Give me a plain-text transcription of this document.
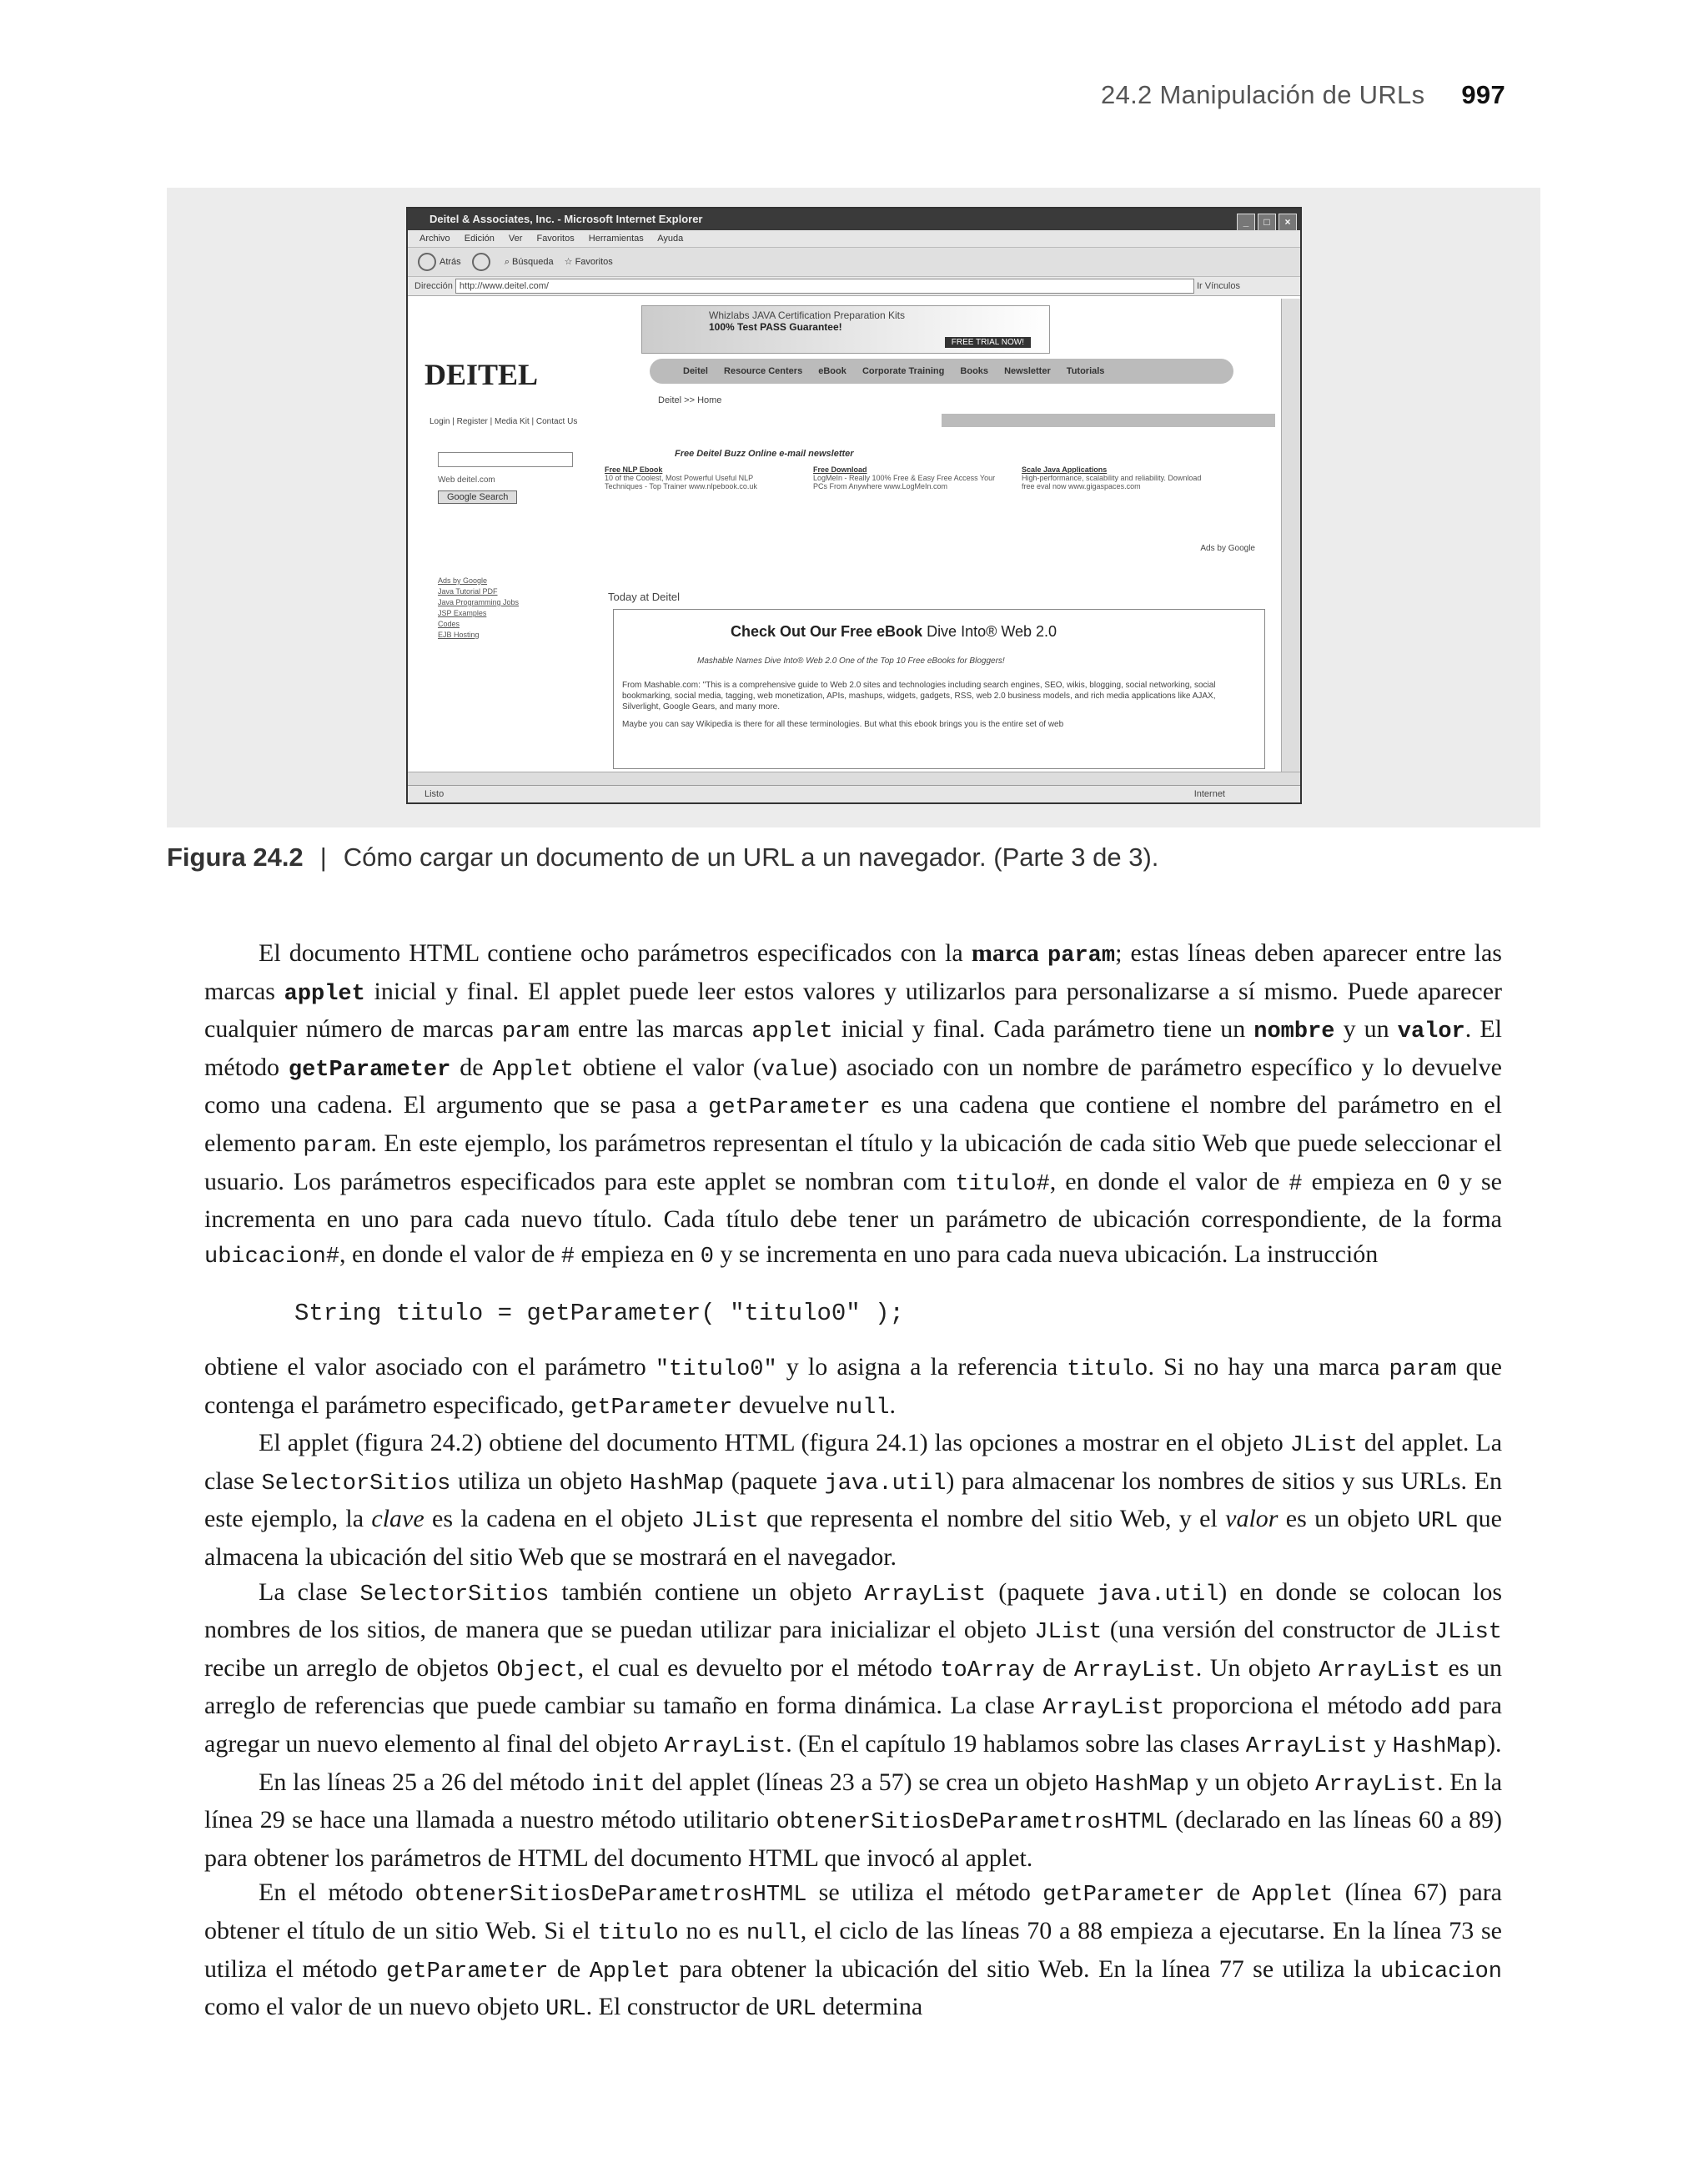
24.2 Manipulación de URLs 997
Deitel & Associates, Inc. - Microsoft Internet Explorer	_ □ ×
Archivo Edición Ver Favoritos Herramientas Ayuda
Atrás	⌕ Búsqueda ☆ Favoritos
Dirección http://www.deitel.com/	Ir Vínculos
Whizlabs JAVA Certification Preparation Kits
100% Test PASS Guarantee!
FREE TRIAL NOW!
DEITEL	Deitel Resource Centers eBook Corporate Training Books Newsletter Tutorials
Deitel >> Home
Login | Register | Media Kit | Contact Us
Free Deitel Buzz Online e-mail newsletter
Web deitel.com
Google Search
Free NLP Ebook
10 of the Coolest, Most Powerful Useful NLP Techniques - Top Trainer www.nlpebook.co.uk
Free Download
LogMeIn - Really 100% Free & Easy Free Access Your PCs From Anywhere www.LogMeIn.com
Scale Java Applications
High-performance, scalability and reliability. Download free eval now www.gigaspaces.com
Ads by Google
Ads by Google
Java Tutorial PDF
Java Programming Jobs
JSP Examples
Codes
EJB Hosting
Today at Deitel
Check Out Our Free eBook Dive Into® Web 2.0
Mashable Names Dive Into® Web 2.0 One of the Top 10 Free eBooks for Bloggers!
From Mashable.com: "This is a comprehensive guide to Web 2.0 sites and technologies including search engines, SEO, wikis, blogging, social networking, social bookmarking, social media, tagging, web monetization, APIs, mashups, widgets, gadgets, RSS, web 2.0 business models, and rich media applications like AJAX, Silverlight, Google Gears, and many more.
Maybe you can say Wikipedia is there for all these terminologies. But what this ebook brings you is the entire set of web
Listo	Internet
Figura 24.2 | Cómo cargar un documento de un URL a un navegador. (Parte 3 de 3).

El documento HTML contiene ocho parámetros especificados con la marca param; estas líneas deben aparecer entre las marcas applet inicial y final. El applet puede leer estos valores y utilizarlos para personalizarse a sí mismo. Puede aparecer cualquier número de marcas param entre las marcas applet inicial y final. Cada parámetro tiene un nombre y un valor. El método getParameter de Applet obtiene el valor (value) asociado con un nombre de parámetro específico y lo devuelve como una cadena. El argumento que se pasa a getParameter es una cadena que contiene el nombre del parámetro en el elemento param. En este ejemplo, los parámetros representan el título y la ubicación de cada sitio Web que puede seleccionar el usuario. Los parámetros especificados para este applet se nombran com titulo#, en donde el valor de # empieza en 0 y se incrementa en uno para cada nuevo título. Cada título debe tener un parámetro de ubicación correspondiente, de la forma ubicacion#, en donde el valor de # empieza en 0 y se incrementa en uno para cada nueva ubicación. La instrucción

String titulo = getParameter( "titulo0" );

obtiene el valor asociado con el parámetro "titulo0" y lo asigna a la referencia titulo. Si no hay una marca param que contenga el parámetro especificado, getParameter devuelve null.

El applet (figura 24.2) obtiene del documento HTML (figura 24.1) las opciones a mostrar en el objeto JList del applet. La clase SelectorSitios utiliza un objeto HashMap (paquete java.util) para almacenar los nombres de sitios y sus URLs. En este ejemplo, la clave es la cadena en el objeto JList que representa el nombre del sitio Web, y el valor es un objeto URL que almacena la ubicación del sitio Web que se mostrará en el navegador.

La clase SelectorSitios también contiene un objeto ArrayList (paquete java.util) en donde se colocan los nombres de los sitios, de manera que se puedan utilizar para inicializar el objeto JList (una versión del constructor de JList recibe un arreglo de objetos Object, el cual es devuelto por el método toArray de ArrayList. Un objeto ArrayList es un arreglo de referencias que puede cambiar su tamaño en forma dinámica. La clase ArrayList proporciona el método add para agregar un nuevo elemento al final del objeto ArrayList. (En el capítulo 19 hablamos sobre las clases ArrayList y HashMap).

En las líneas 25 a 26 del método init del applet (líneas 23 a 57) se crea un objeto HashMap y un objeto ArrayList. En la línea 29 se hace una llamada a nuestro método utilitario obtenerSitiosDeParametrosHTML (declarado en las líneas 60 a 89) para obtener los parámetros de HTML del documento HTML que invocó al applet.

En el método obtenerSitiosDeParametrosHTML se utiliza el método getParameter de Applet (línea 67) para obtener el título de un sitio Web. Si el titulo no es null, el ciclo de las líneas 70 a 88 empieza a ejecutarse. En la línea 73 se utiliza el método getParameter de Applet para obtener la ubicación del sitio Web. En la línea 77 se utiliza la ubicacion como el valor de un nuevo objeto URL. El constructor de URL determina
